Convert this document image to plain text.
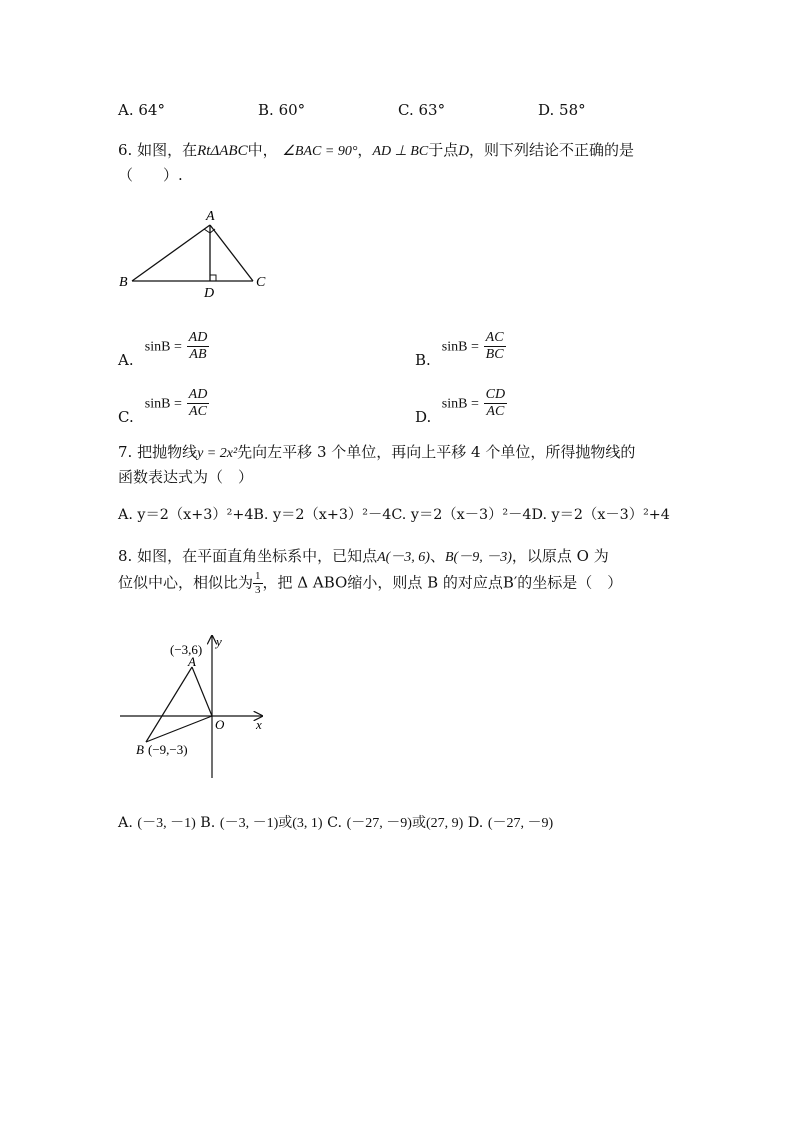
A. 64°	B. 60°	C. 63°	D. 58°
6. 如图，在RtΔABC中， ∠BAC = 90°，AD ⊥ BC于点D，则下列结论不正确的是
（　　）.
A
B	C
D
A. $\sin B = \frac{AD}{AB}$	B. $\sin B = \frac{AC}{BC}$
C. $\sin B = \frac{AD}{AC}$	D. $\sin B = \frac{CD}{AC}$
7. 把抛物线y = 2x²先向左平移 3 个单位，再向上平移 4 个单位，所得抛物线的
函数表达式为（　）
A. y＝2（x+3）²+4B. y＝2（x+3）²－4C. y＝2（x－3）²－4D. y＝2（x－3）²+4
8. 如图，在平面直角坐标系中，已知点A(－3, 6)、B(－9, －3)，以原点 O 为
位似中心，相似比为 $\frac{1}{3}$ ，把 Δ ABO缩小，则点 B 的对应点B′的坐标是（　）
(−3,6)
A
B (−9,−3)
O x
y
A. (－3, －1) B. (－3, －1)或(3, 1) C. (－27, －9)或(27, 9) D. (－27, －9)
